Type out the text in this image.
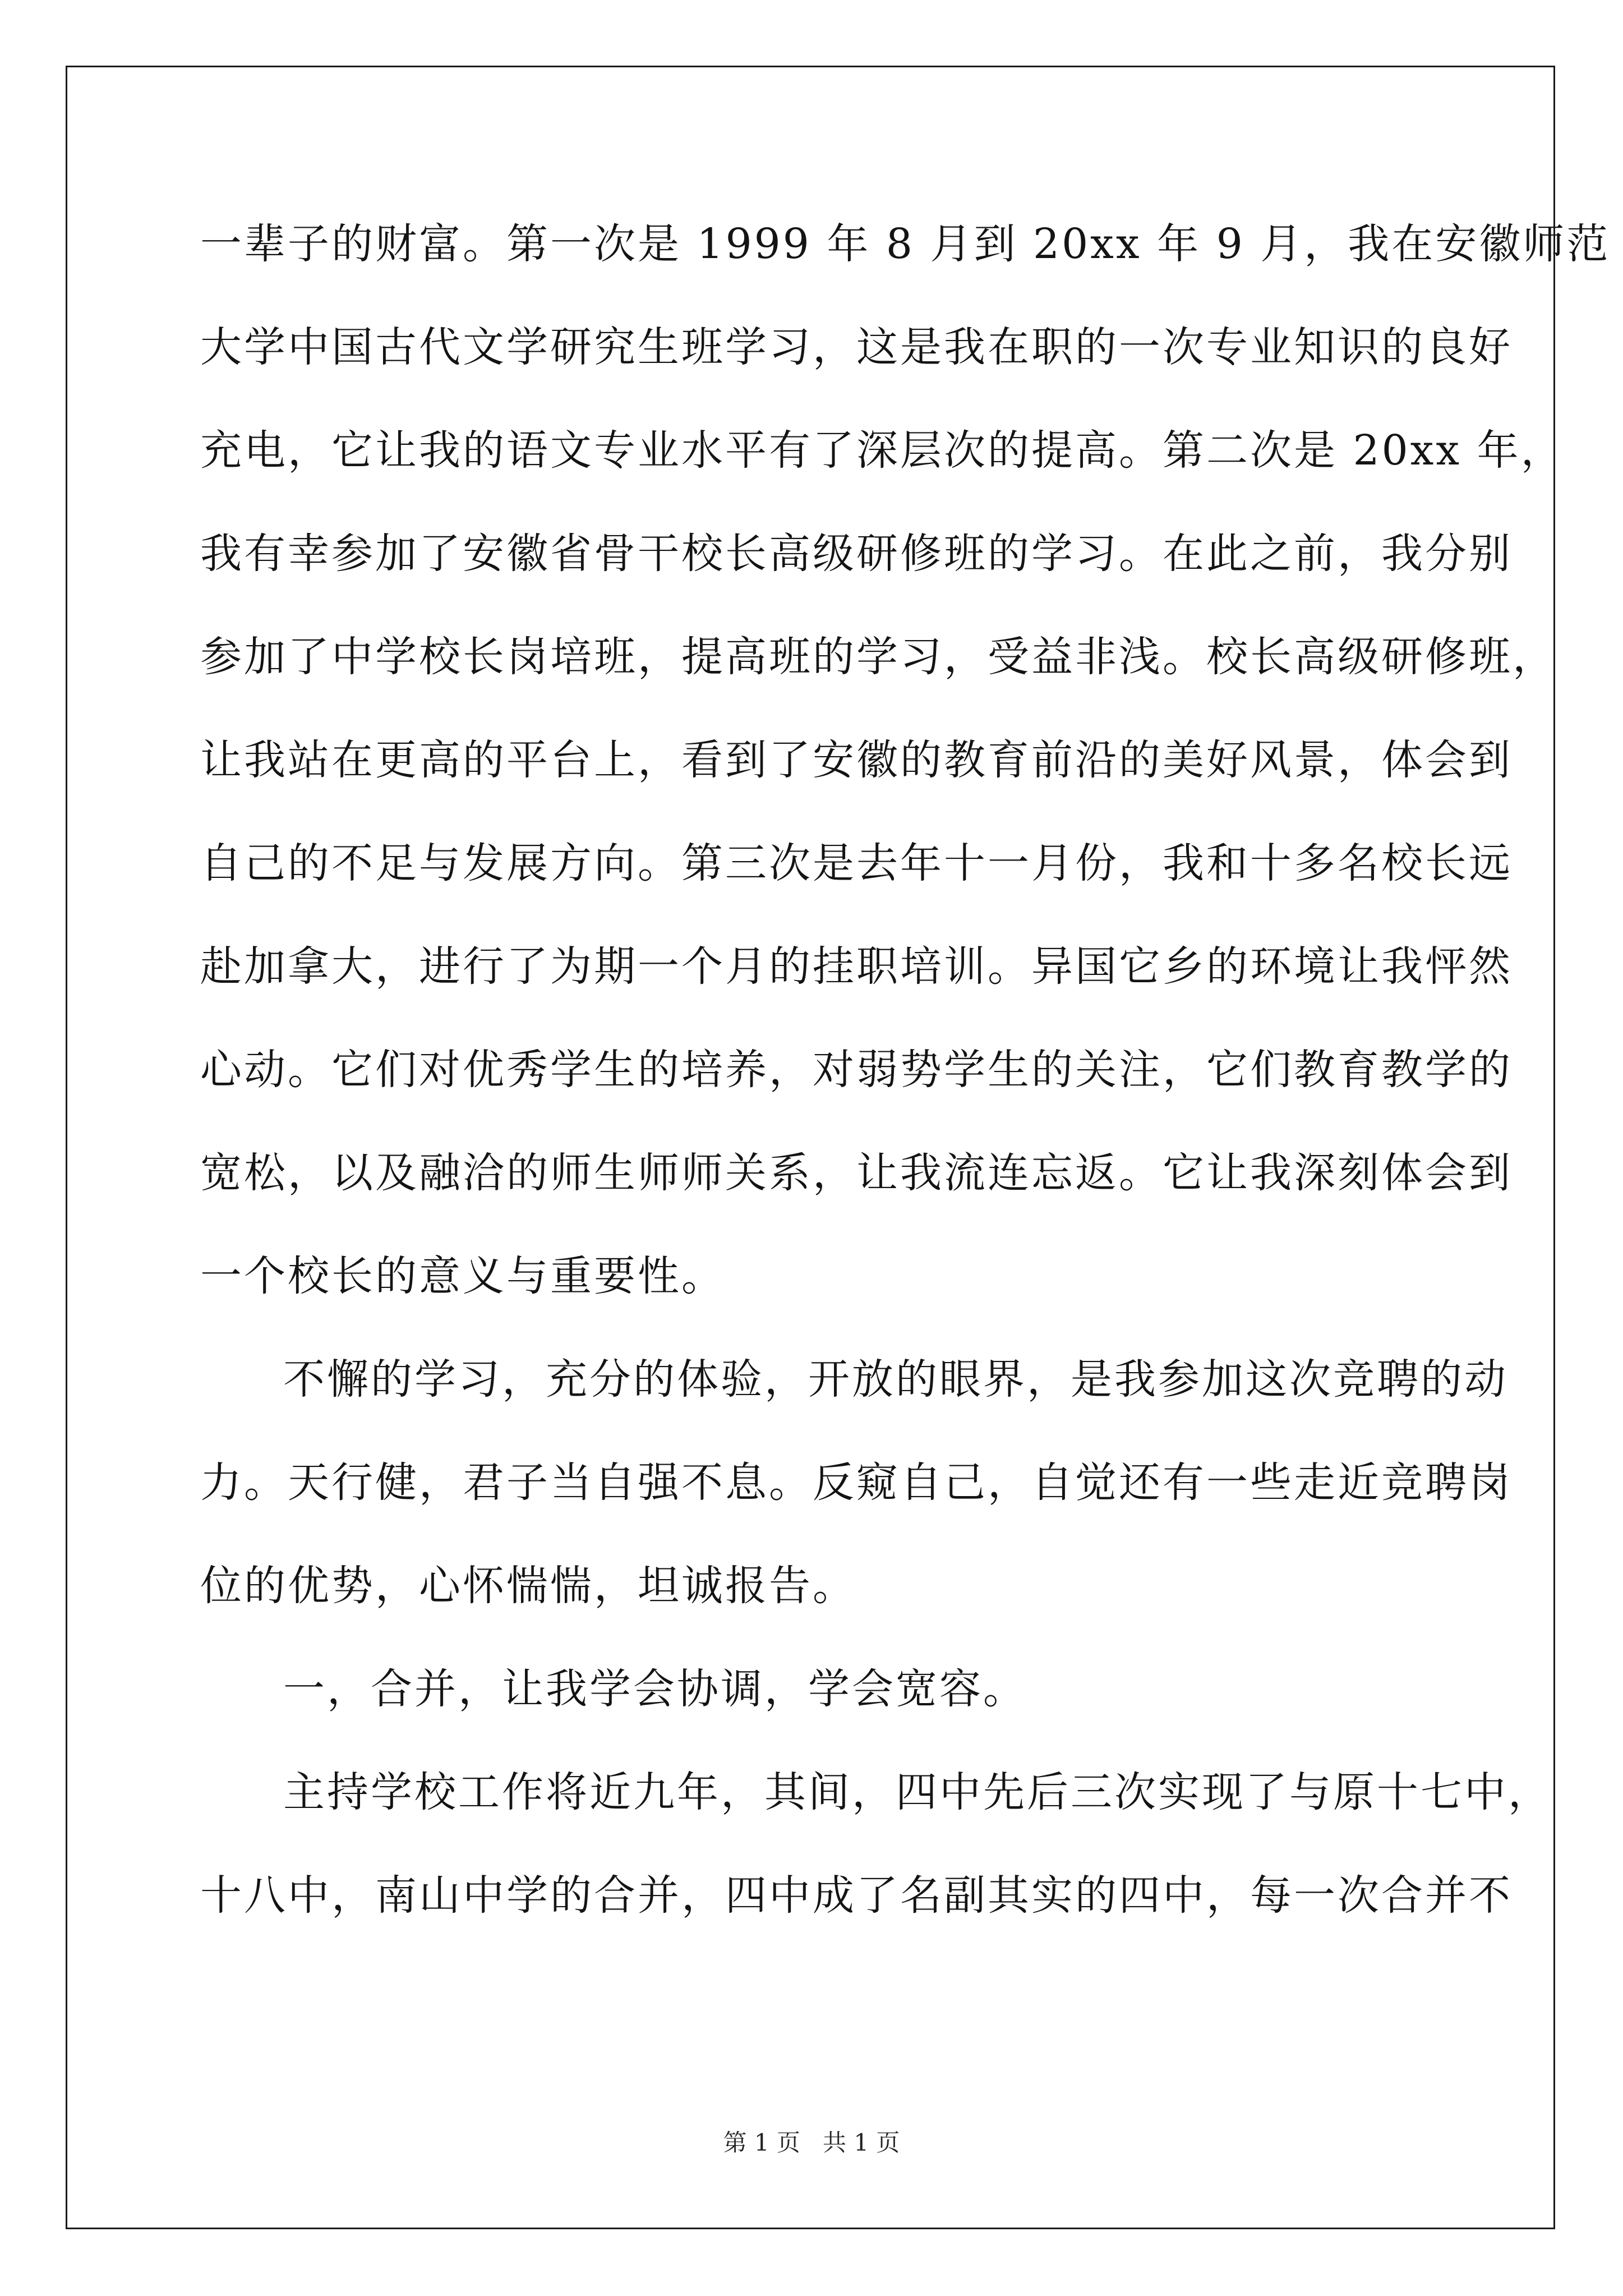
一辈子的财富。第一次是 1999 年 8 月到 20xx 年 9 月，我在安徽师范
大学中国古代文学研究生班学习，这是我在职的一次专业知识的良好
充电，它让我的语文专业水平有了深层次的提高。第二次是 20xx 年，
我有幸参加了安徽省骨干校长高级研修班的学习。在此之前，我分别
参加了中学校长岗培班，提高班的学习，受益非浅。校长高级研修班，
让我站在更高的平台上，看到了安徽的教育前沿的美好风景，体会到
自己的不足与发展方向。第三次是去年十一月份，我和十多名校长远
赴加拿大，进行了为期一个月的挂职培训。异国它乡的环境让我怦然
心动。它们对优秀学生的培养，对弱势学生的关注，它们教育教学的
宽松，以及融洽的师生师师关系，让我流连忘返。它让我深刻体会到
一个校长的意义与重要性。
不懈的学习，充分的体验，开放的眼界，是我参加这次竞聘的动
力。天行健，君子当自强不息。反窥自己，自觉还有一些走近竞聘岗
位的优势，心怀惴惴，坦诚报告。
一，合并，让我学会协调，学会宽容。
主持学校工作将近九年，其间，四中先后三次实现了与原十七中，
十八中，南山中学的合并，四中成了名副其实的四中，每一次合并不
第 1 页 共 1 页
